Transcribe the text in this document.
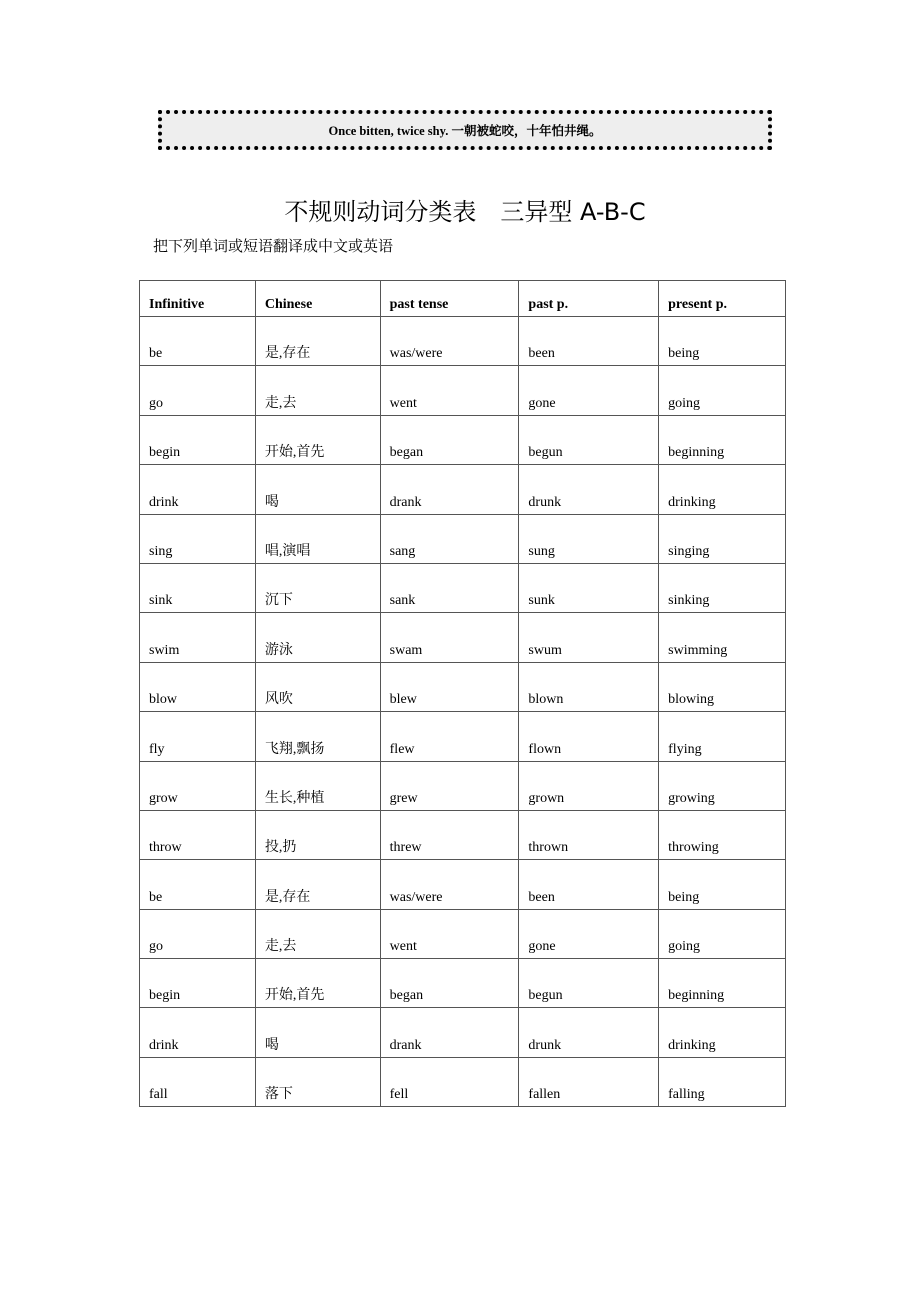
Once bitten, twice shy. 一朝被蛇咬，十年怕井绳。
不规则动词分类表　三异型 A-B-C
把下列单词或短语翻译成中文或英语
Infinitive	Chinese	past tense	past p.	present p.
be	是,存在	was/were	been	being
go	走,去	went	gone	going
begin	开始,首先	began	begun	beginning
drink	喝	drank	drunk	drinking
sing	唱,演唱	sang	sung	singing
sink	沉下	sank	sunk	sinking
swim	游泳	swam	swum	swimming
blow	风吹	blew	blown	blowing
fly	飞翔,飘扬	flew	flown	flying
grow	生长,种植	grew	grown	growing
throw	投,扔	threw	thrown	throwing
be	是,存在	was/were	been	being
go	走,去	went	gone	going
begin	开始,首先	began	begun	beginning
drink	喝	drank	drunk	drinking
fall	落下	fell	fallen	falling
